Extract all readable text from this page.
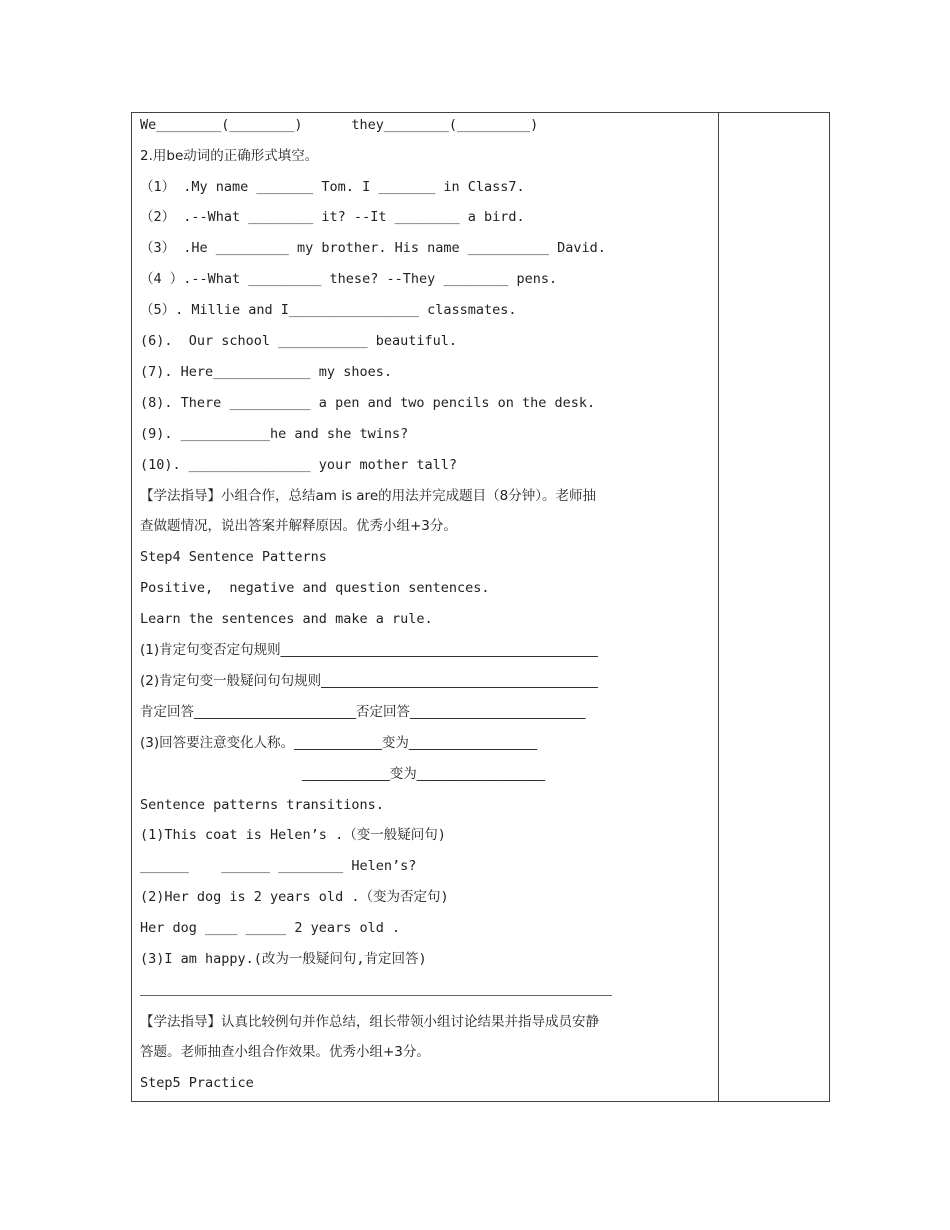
We________(________)      they________(_________)
2.用be动词的正确形式填空。
（1） .My name _______ Tom. I _______ in Class7.
（2） .--What ________ it? --It ________ a bird.
（3） .He _________ my brother. His name __________ David.
（4 ）.--What _________ these? --They ________ pens.
（5）. Millie and I________________ classmates.
(6).  Our school ___________ beautiful.
(7). Here____________ my shoes.
(8). There __________ a pen and two pencils on the desk.
(9). ___________he and she twins?
(10). _______________ your mother tall?
【学法指导】小组合作，总结am is are的用法并完成题目（8分钟）。老师抽
查做题情况，说出答案并解释原因。优秀小组+3分。
Step4 Sentence Patterns
Positive,  negative and question sentences.
Learn the sentences and make a rule.
(1)肯定句变否定句规则_______________________________________________
(2)肯定句变一般疑问句句规则_________________________________________
肯定回答________________________否定回答__________________________
(3)回答要注意变化人称。_____________变为___________________
_____________变为___________________
Sentence patterns transitions.
(1)This coat is Helen’s .（变一般疑问句)
______    ______ ________ Helen’s?
(2)Her dog is 2 years old .（变为否定句)
Her dog ____ _____ 2 years old .
(3)I am happy.(改为一般疑问句,肯定回答)
【学法指导】认真比较例句并作总结，组长带领小组讨论结果并指导成员安静
答题。老师抽查小组合作效果。优秀小组+3分。
Step5 Practice
